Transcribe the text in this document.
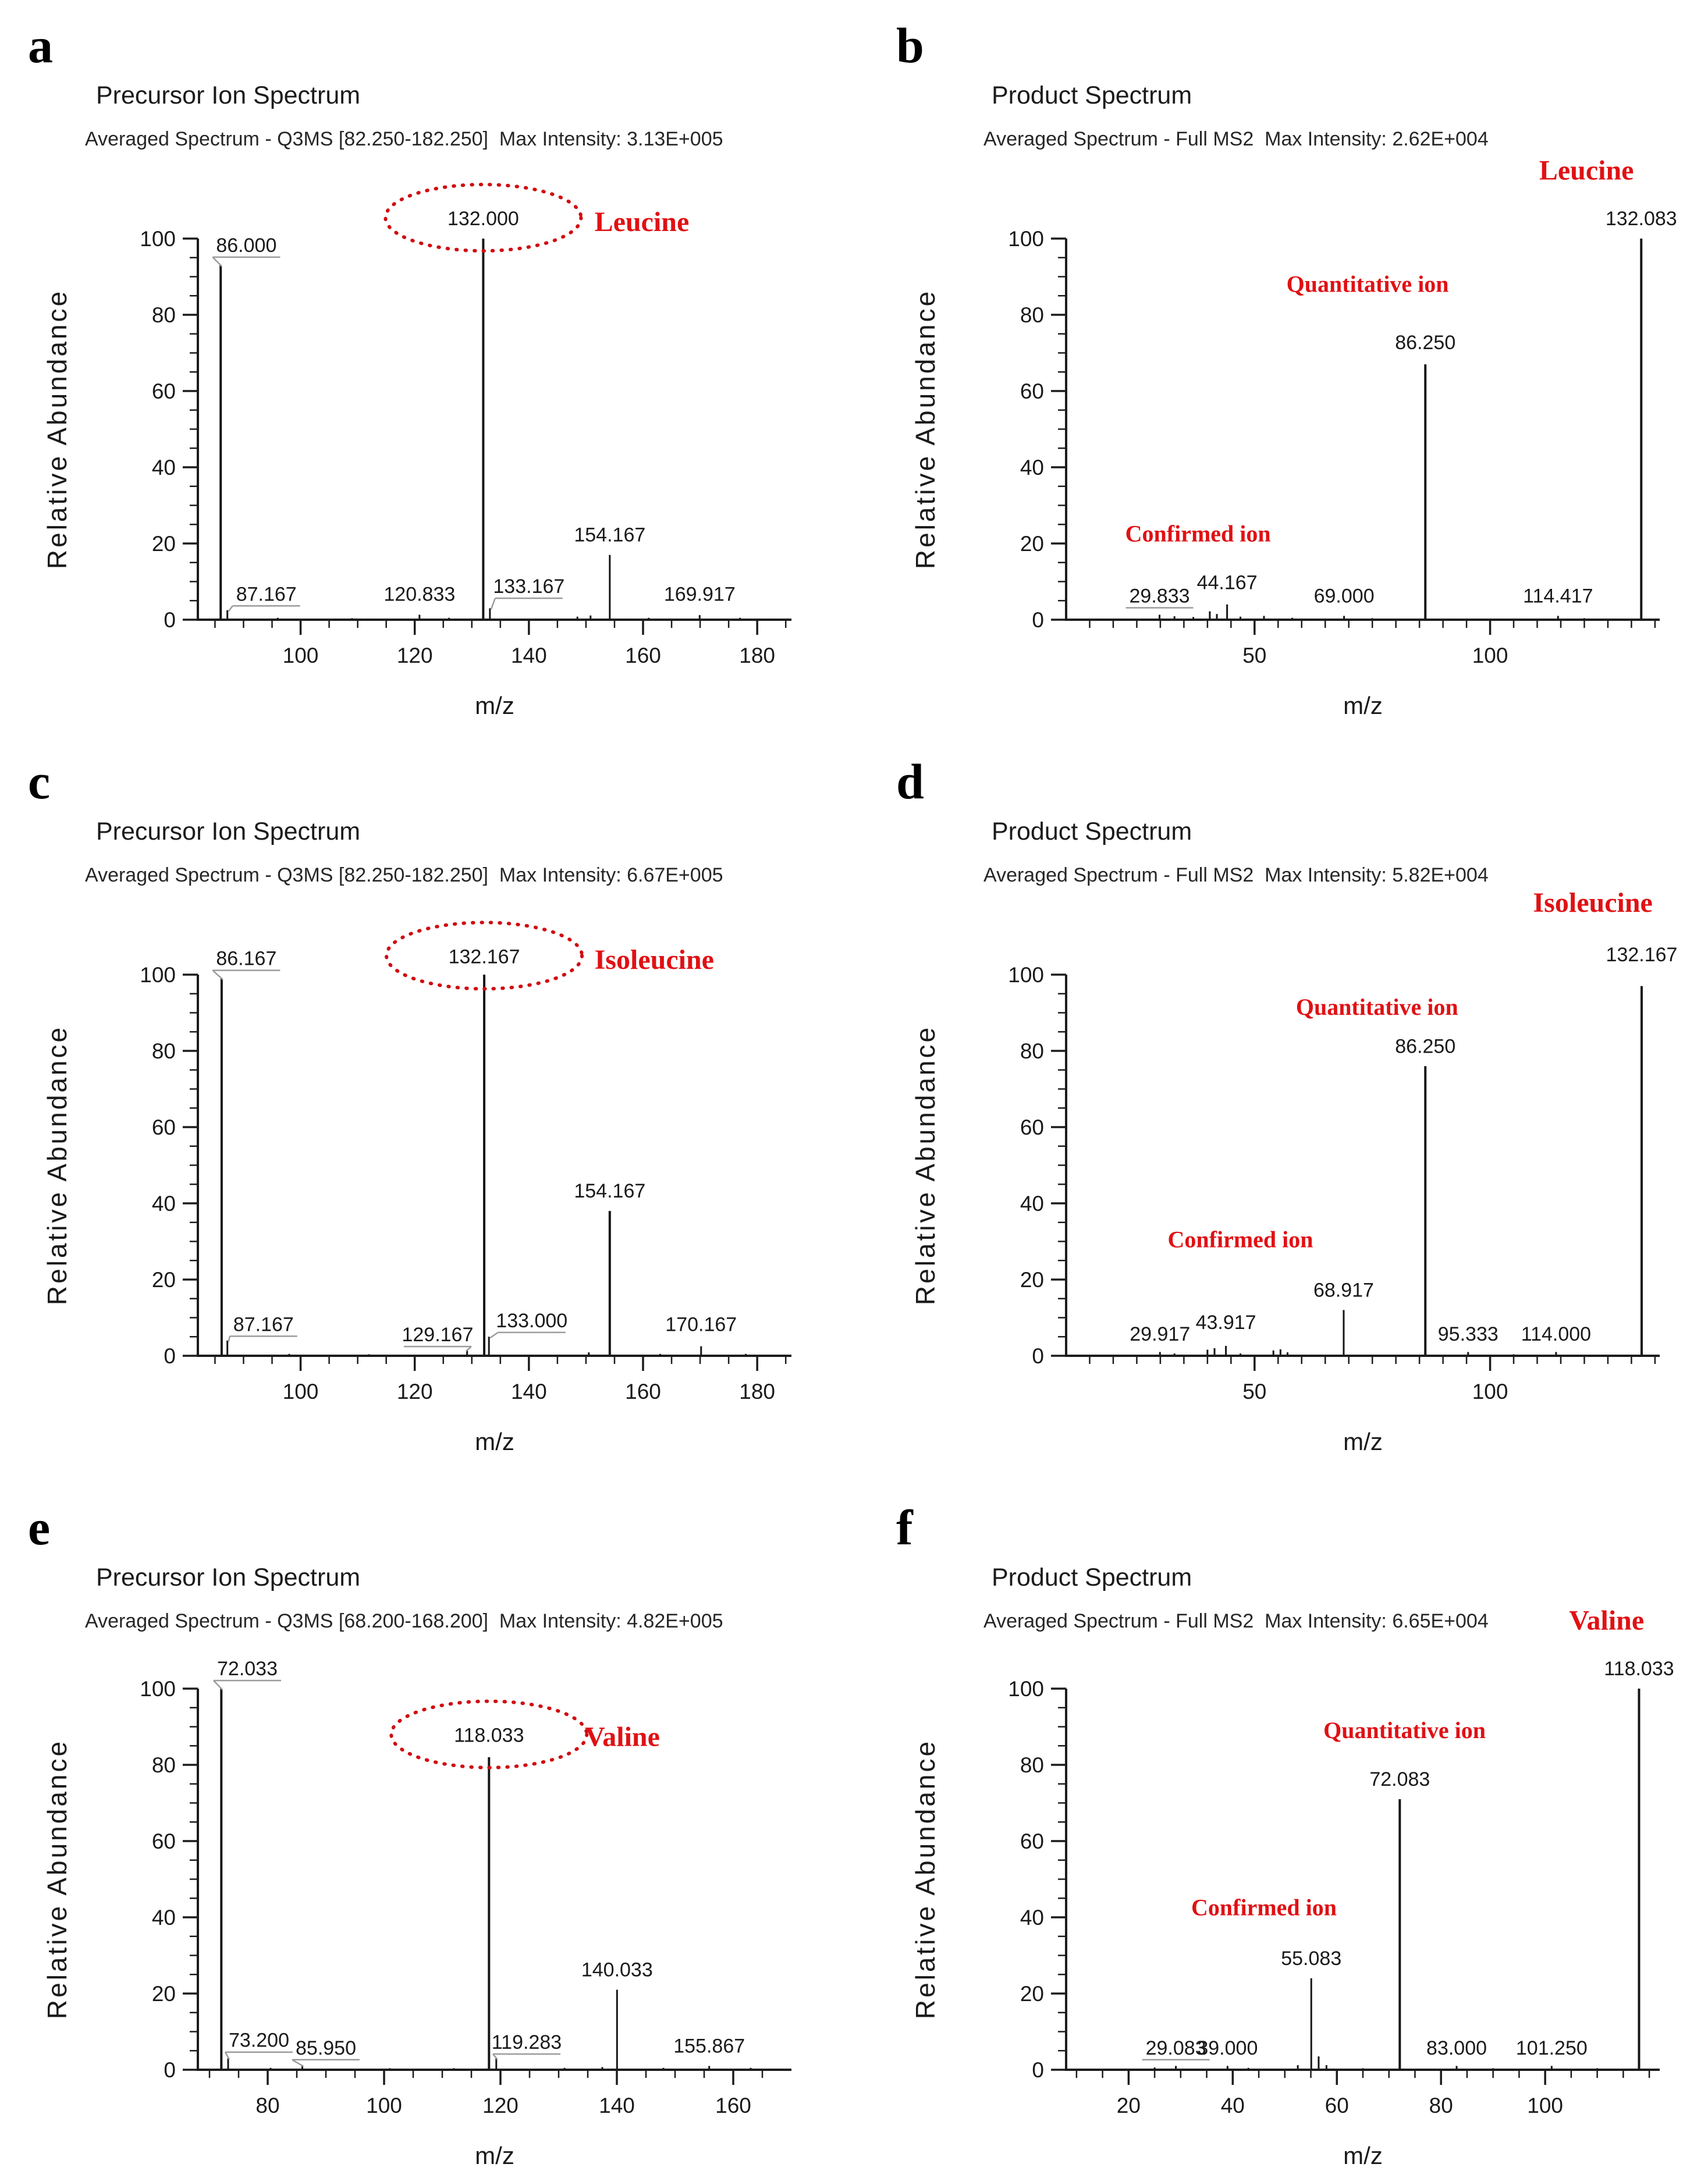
a
Precursor Ion Spectrum
Averaged Spectrum - Q3MS [82.250-182.250]  Max Intensity: 3.13E+005
100	120	140	160	180
0
20
40
60
80
100
m/z
Relative Abundance
86.000
87.167	120.833
132.000
133.167
154.167
169.917
Leucine
b
Product Spectrum
Averaged Spectrum - Full MS2  Max Intensity: 2.62E+004
50	100
0
20
40
60
80
100
m/z
Relative Abundance
29.833
44.167
69.000
86.250
114.417
132.083
Quantitative ion
Confirmed ion
Leucine
c
Precursor Ion Spectrum
Averaged Spectrum - Q3MS [82.250-182.250]  Max Intensity: 6.67E+005
100	120	140	160	180
0
20
40
60
80
100
m/z
Relative Abundance
86.167
87.167	129.167
132.167
133.000
154.167
170.167
Isoleucine
d
Product Spectrum
Averaged Spectrum - Full MS2  Max Intensity: 5.82E+004
50	100
0
20
40
60
80
100
m/z
Relative Abundance
29.917
43.917
68.917
86.250
95.333 114.000
132.167
Quantitative ion
Confirmed ion
Isoleucine
e
Precursor Ion Spectrum
Averaged Spectrum - Q3MS [68.200-168.200]  Max Intensity: 4.82E+005
80	100	120	140	160
0
20
40
60
80
100
m/z
Relative Abundance
72.033
73.200 85.950
118.033
119.283
140.033
155.867
Valine
f
Product Spectrum
Averaged Spectrum - Full MS2  Max Intensity: 6.65E+004
20	40	60	80	100
0
20
40
60
80
100
m/z
Relative Abundance
29.083
39.000
55.083
72.083
83.000 101.250
118.033
Quantitative ion
Confirmed ion
Valine
